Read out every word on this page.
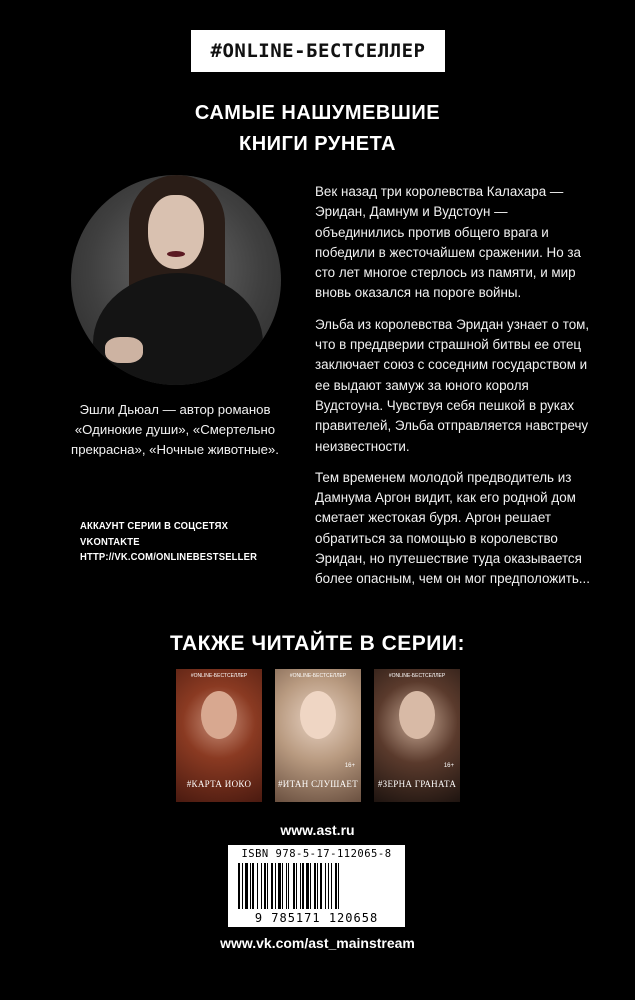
#ONLINE-БЕСТСЕЛЛЕР
САМЫЕ НАШУМЕВШИЕ
КНИГИ РУНЕТА
Эшли Дьюал — автор романов «Одинокие души», «Смертельно прекрасна», «Ночные животные».
АККАУНТ СЕРИИ В СОЦСЕТЯХ
VKONTAKTE
HTTP://VK.COM/ONLINEBESTSELLER

Век назад три королевства Калахара — Эридан, Дамнум и Вудстоун — объединились против общего врага и победили в жесточайшем сражении. Но за сто лет многое стерлось из памяти, и мир вновь оказался на пороге войны.

Эльба из королевства Эридан узнает о том, что в преддверии страшной битвы ее отец заключает союз с соседним государством и ее выдают замуж за юного короля Вудстоуна. Чувствуя себя пешкой в руках правителей, Эльба отправляется навстречу неизвестности.

Тем временем молодой предводитель из Дамнума Аргон видит, как его родной дом сметает жестокая буря. Аргон решает обратиться за помощью в королевство Эридан, но путешествие туда оказывается более опасным, чем он мог предположить...

ТАКЖЕ ЧИТАЙТЕ В СЕРИИ:
#ONLINE-БЕСТСЕЛЛЕР
#КАРТА ИОКО
#ONLINE-БЕСТСЕЛЛЕР
16+
#ИТАН СЛУШАЕТ
#ONLINE-БЕСТСЕЛЛЕР
16+
#ЗЕРНА ГРАНАТА
www.ast.ru
ISBN 978-5-17-112065-8
9 785171 120658
www.vk.com/ast_mainstream
